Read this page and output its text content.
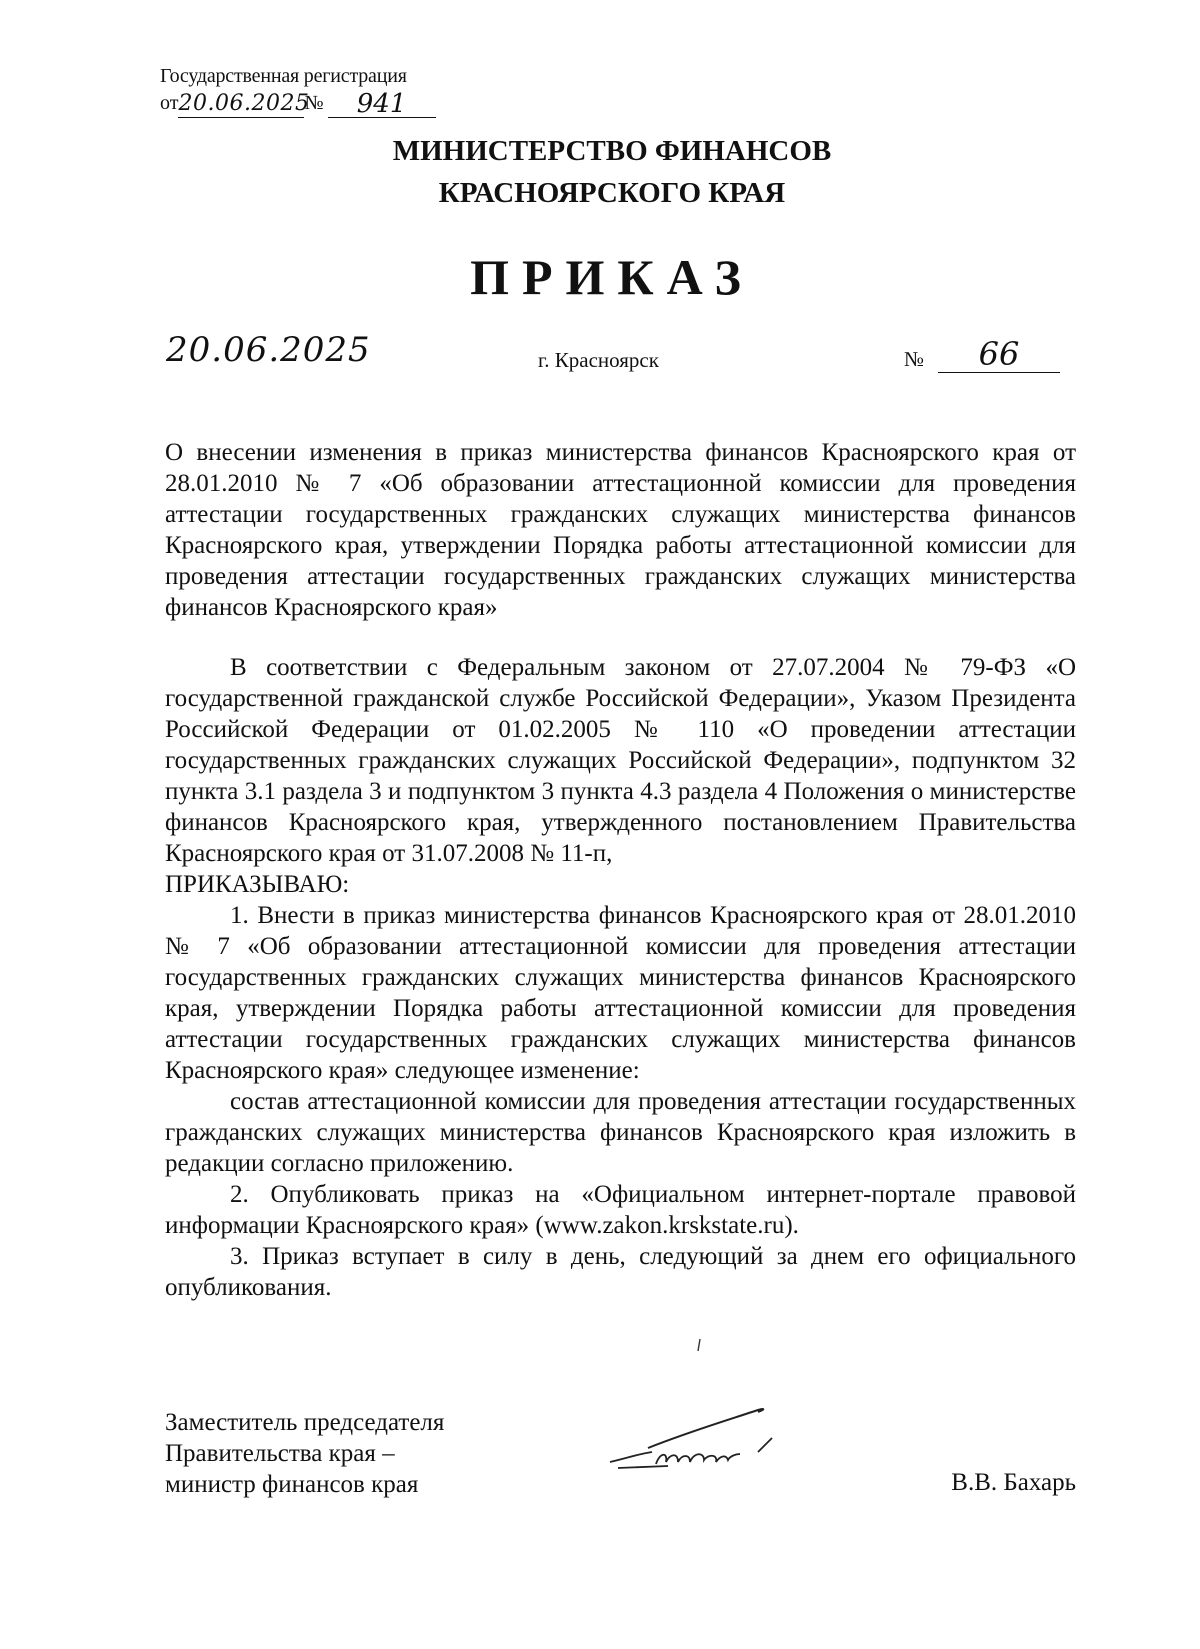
Государственная регистрация
от20.06.2025№ 941
МИНИСТЕРСТВО ФИНАНСОВ
КРАСНОЯРСКОГО КРАЯ
ПРИКАЗ
20.06.2025	г. Красноярск	№	66
О внесении изменения в приказ министерства финансов Красноярского края от 28.01.2010 № 7 «Об образовании аттестационной комиссии для проведения аттестации государственных гражданских служащих министерства финансов Красноярского края, утверждении Порядка работы аттестационной комиссии для проведения аттестации государственных гражданских служащих министерства финансов Красноярского края»

В соответствии с Федеральным законом от 27.07.2004 № 79-ФЗ «О государственной гражданской службе Российской Федерации», Указом Президента Российской Федерации от 01.02.2005 № 110 «О проведении аттестации государственных гражданских служащих Российской Федерации», подпунктом 32 пункта 3.1 раздела 3 и подпунктом 3 пункта 4.3 раздела 4 Положения о министерстве финансов Красноярского края, утвержденного постановлением Правительства Красноярского края от 31.07.2008 № 11-п,

ПРИКАЗЫВАЮ:

1. Внести в приказ министерства финансов Красноярского края от 28.01.2010 № 7 «Об образовании аттестационной комиссии для проведения аттестации государственных гражданских служащих министерства финансов Красноярского края, утверждении Порядка работы аттестационной комиссии для проведения аттестации государственных гражданских служащих министерства финансов Красноярского края» следующее изменение:

состав аттестационной комиссии для проведения аттестации государственных гражданских служащих министерства финансов Красноярского края изложить в редакции согласно приложению.

2. Опубликовать приказ на «Официальном интернет-портале правовой информации Красноярского края» (www.zakon.krskstate.ru).

3. Приказ вступает в силу в день, следующий за днем его официального опубликования.

Заместитель председателя
Правительства края –
министр финансов края	В.В. Бахарь
